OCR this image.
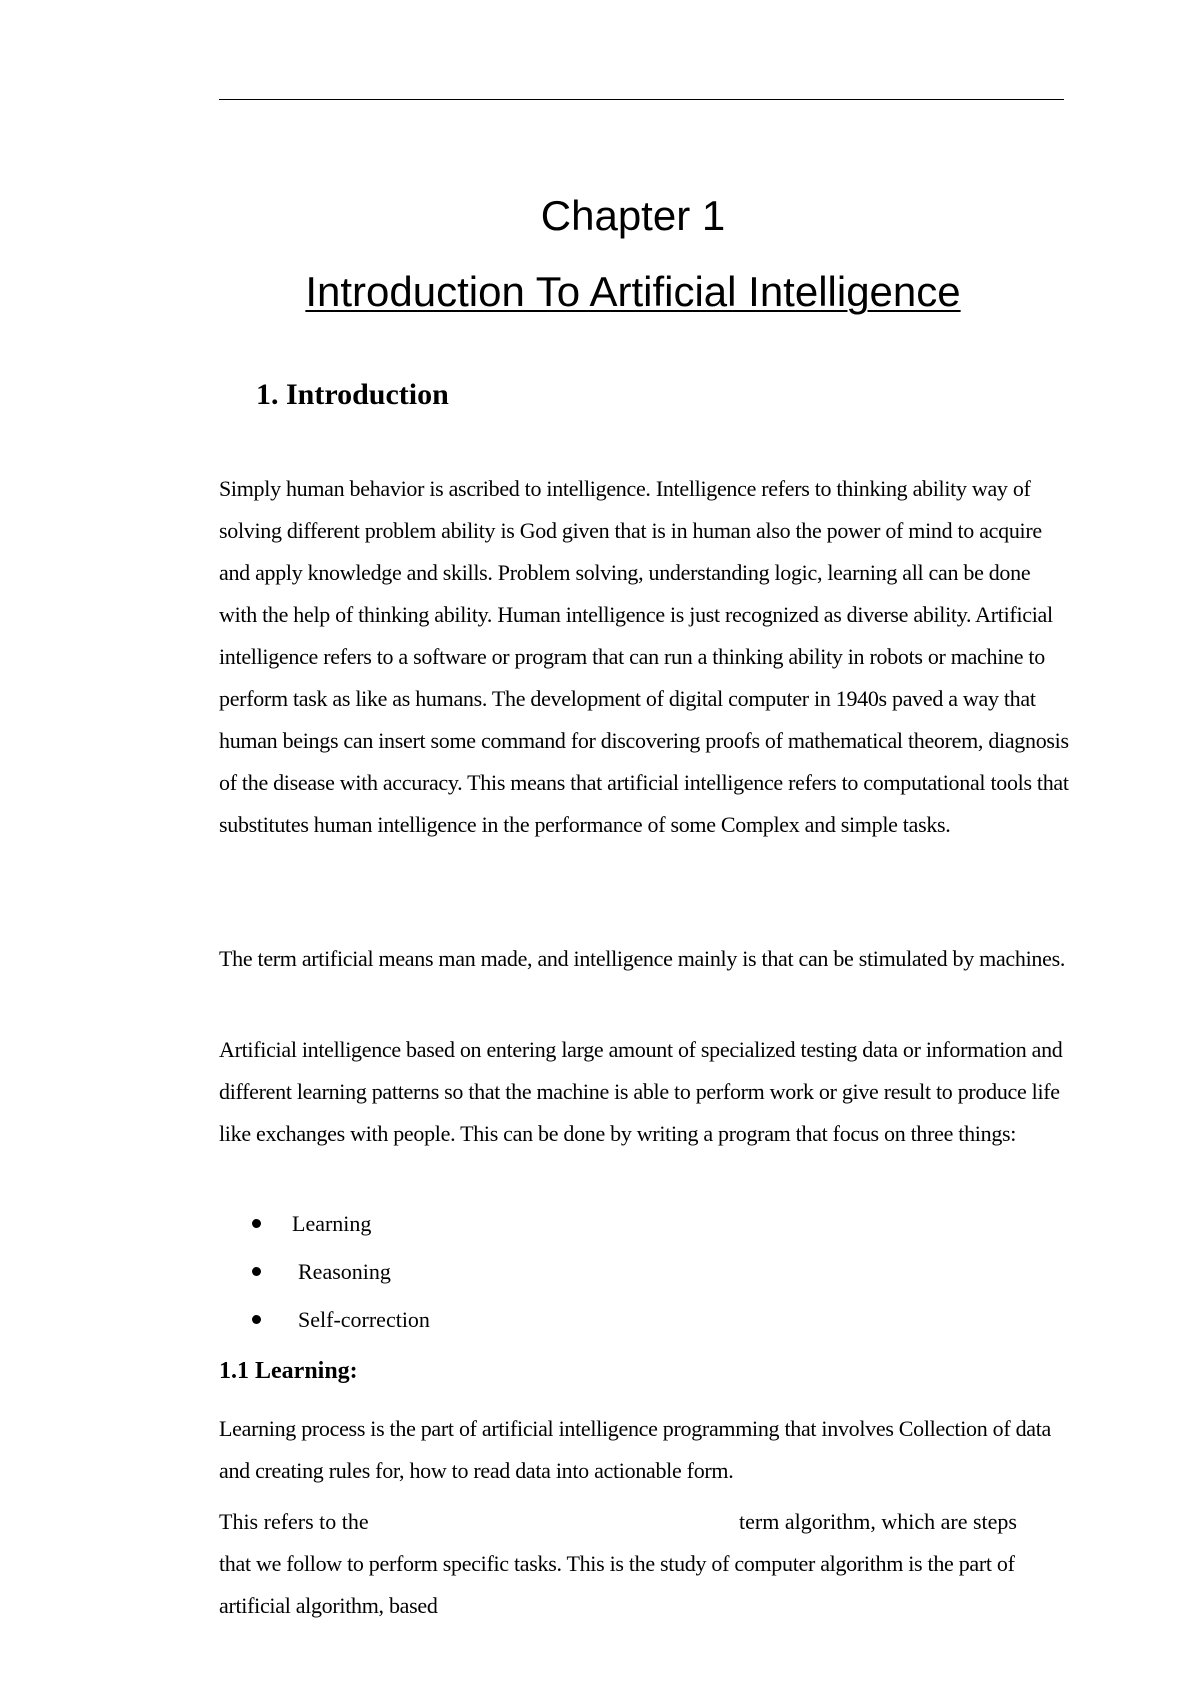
Chapter 1
Introduction To Artificial Intelligence
1. Introduction
Simply human behavior is ascribed to intelligence. Intelligence refers to thinking ability way of solving different problem ability is God given that is in human also the power of mind to acquire and apply knowledge and skills. Problem solving, understanding logic, learning all can be done with the help of thinking ability. Human intelligence is just recognized as diverse ability. Artificial intelligence refers to a software or program that can run a thinking ability in robots or machine to perform task as like as humans. The development of digital computer in 1940s paved a way that human beings can insert some command for discovering proofs of mathematical theorem, diagnosis of the disease with accuracy. This means that artificial intelligence refers to computational tools that substitutes human intelligence in the performance of some Complex and simple tasks.
The term artificial means man made, and intelligence mainly is that can be stimulated by machines.
Artificial intelligence based on entering large amount of specialized testing data or information and different learning patterns so that the machine is able to perform work or give result to produce life like exchanges with people. This can be done by writing a program that focus on three things:
Learning
Reasoning
Self-correction
1.1 Learning:
Learning process is the part of artificial intelligence programming that involves Collection of data and creating rules for, how to read data into actionable form.
This refers to the	term algorithm, which are steps
that we follow to perform specific tasks. This is the study of computer algorithm is the part of artificial algorithm, based
